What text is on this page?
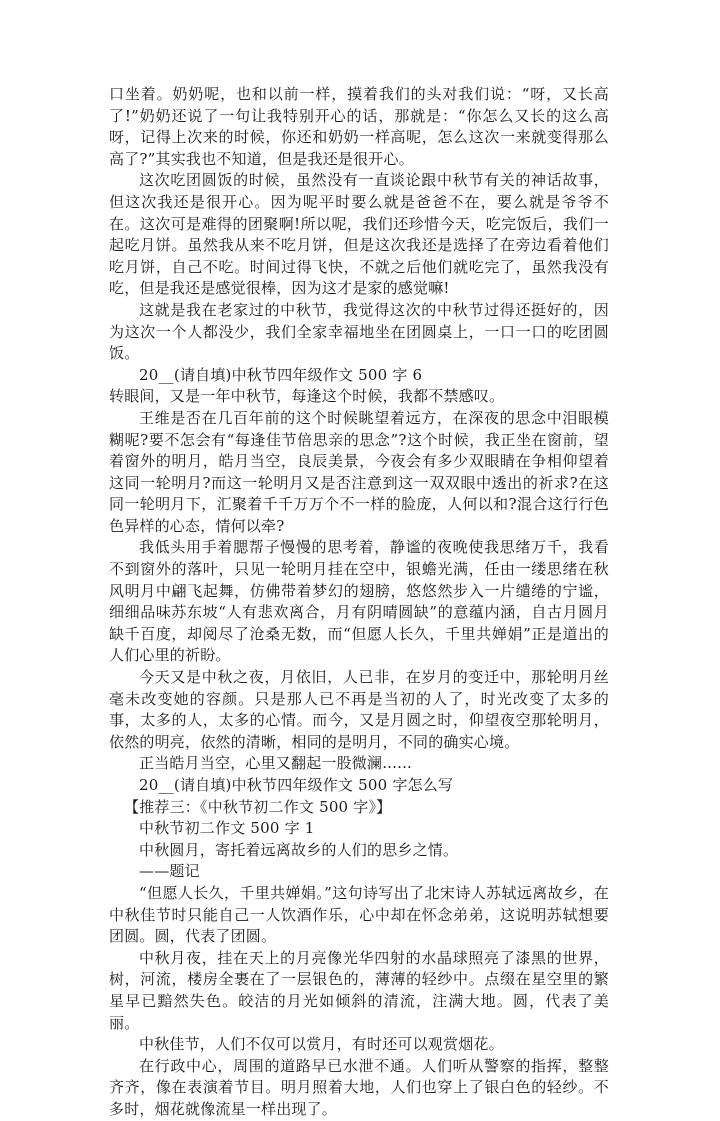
口坐着。奶奶呢，也和以前一样，摸着我们的头对我们说：“呀，又长高了!”奶奶还说了一句让我特别开心的话，那就是：“你怎么又长的这么高呀，记得上次来的时候，你还和奶奶一样高呢，怎么这次一来就变得那么高了?”其实我也不知道，但是我还是很开心。

这次吃团圆饭的时候，虽然没有一直谈论跟中秋节有关的神话故事，但这次我还是很开心。因为呢平时要么就是爸爸不在，要么就是爷爷不在。这次可是难得的团聚啊!所以呢，我们还珍惜今天，吃完饭后，我们一起吃月饼。虽然我从来不吃月饼，但是这次我还是选择了在旁边看着他们吃月饼，自己不吃。时间过得飞快，不就之后他们就吃完了，虽然我没有吃，但是我还是感觉很棒，因为这才是家的感觉嘛!

这就是我在老家过的中秋节，我觉得这次的中秋节过得还挺好的，因为这次一个人都没少，我们全家幸福地坐在团圆桌上，一口一口的吃团圆饭。

20__(请自填)中秋节四年级作文 500 字 6

转眼间，又是一年中秋节，每逢这个时候，我都不禁感叹。

王维是否在几百年前的这个时候眺望着远方，在深夜的思念中泪眼模糊呢?要不怎会有“每逢佳节倍思亲的思念”?这个时候，我正坐在窗前，望着窗外的明月，皓月当空，良辰美景，今夜会有多少双眼睛在争相仰望着这同一轮明月?而这一轮明月又是否注意到这一双双眼中透出的祈求?在这同一轮明月下，汇聚着千千万万个不一样的脸庞，人何以和?混合这行行色色异样的心态，情何以牵?

我低头用手着腮帮子慢慢的思考着，静谧的夜晚使我思绪万千，我看不到窗外的落叶，只见一轮明月挂在空中，银蟾光满，任由一缕思绪在秋风明月中翩飞起舞，仿佛带着梦幻的翅膀，悠悠然步入一片缱绻的宁谧，细细品味苏东坡“人有悲欢离合，月有阴晴圆缺”的意蕴内涵，自古月圆月缺千百度，却阅尽了沧桑无数，而“但愿人长久，千里共婵娟”正是道出的人们心里的祈盼。

今天又是中秋之夜，月依旧，人已非，在岁月的变迁中，那轮明月丝毫未改变她的容颜。只是那人已不再是当初的人了，时光改变了太多的事，太多的人，太多的心情。而今，又是月圆之时，仰望夜空那轮明月，依然的明亮，依然的清晰，相同的是明月，不同的确实心境。

正当皓月当空，心里又翻起一股微澜......

20__(请自填)中秋节四年级作文 500 字怎么写

【推荐三：《中秋节初二作文 500 字》】

中秋节初二作文 500 字 1

中秋圆月，寄托着远离故乡的人们的思乡之情。

——题记

“但愿人长久，千里共婵娟。”这句诗写出了北宋诗人苏轼远离故乡，在中秋佳节时只能自己一人饮酒作乐，心中却在怀念弟弟，这说明苏轼想要团圆。圆，代表了团圆。

中秋月夜，挂在天上的月亮像光华四射的水晶球照亮了漆黑的世界，树，河流，楼房全裹在了一层银色的，薄薄的轻纱中。点缀在星空里的繁星早已黯然失色。皎洁的月光如倾斜的清流，注满大地。圆，代表了美丽。

中秋佳节，人们不仅可以赏月，有时还可以观赏烟花。

在行政中心，周围的道路早已水泄不通。人们听从警察的指挥，整整齐齐，像在表演着节目。明月照着大地，人们也穿上了银白色的轻纱。不多时，烟花就像流星一样出现了。
